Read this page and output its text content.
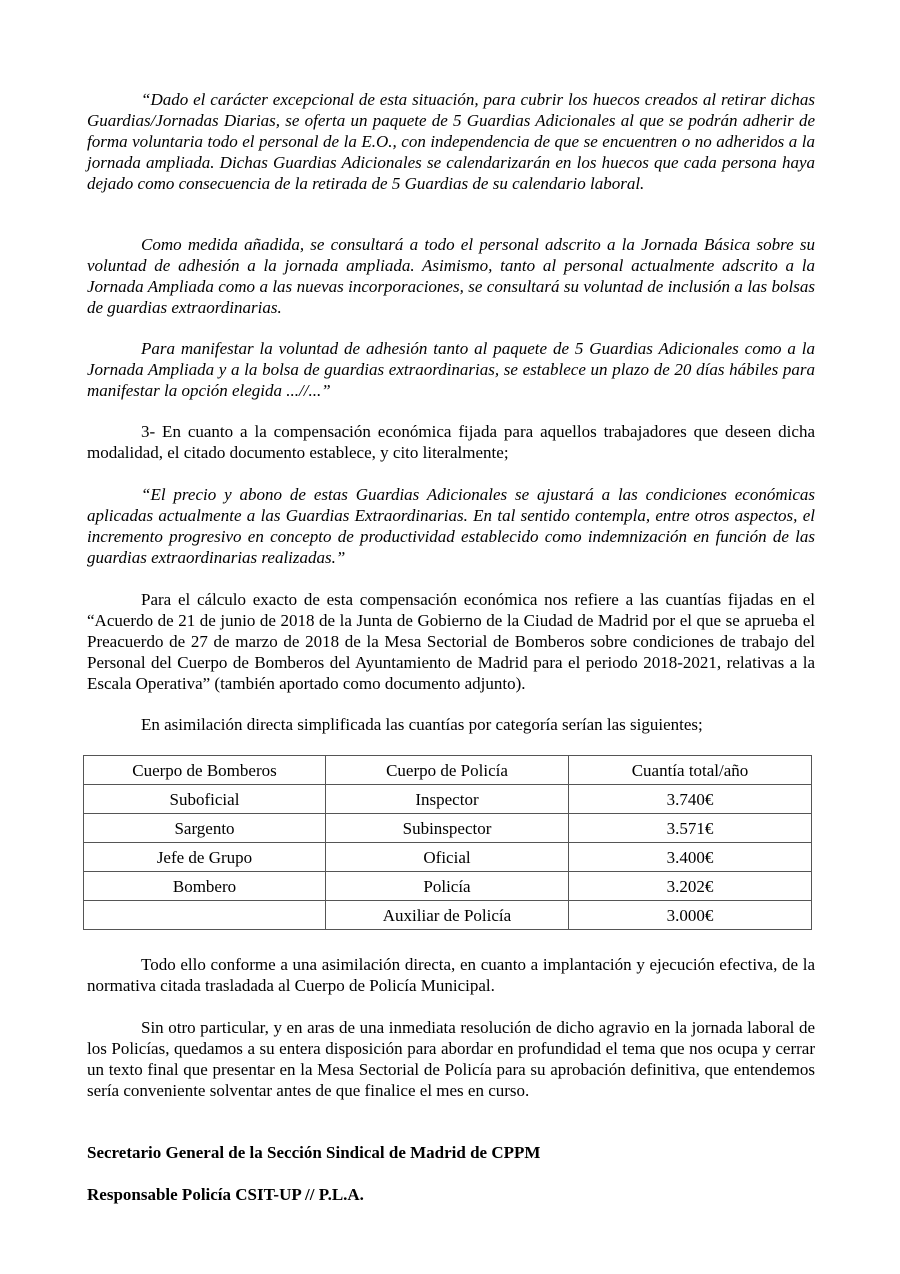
“Dado el carácter excepcional de esta situación, para cubrir los huecos creados al retirar dichas Guardias/Jornadas Diarias, se oferta un paquete de 5 Guardias Adicionales al que se podrán adherir de forma voluntaria todo el personal de la E.O., con independencia de que se encuentren o no adheridos a la jornada ampliada. Dichas Guardias Adicionales se calendarizarán en los huecos que cada persona haya dejado como consecuencia de la retirada de 5 Guardias de su calendario laboral.

Como medida añadida, se consultará a todo el personal adscrito a la Jornada Básica sobre su voluntad de adhesión a la jornada ampliada. Asimismo, tanto al personal actualmente adscrito a la Jornada Ampliada como a las nuevas incorporaciones, se consultará su voluntad de inclusión a las bolsas de guardias extraordinarias.

Para manifestar la voluntad de adhesión tanto al paquete de 5 Guardias Adicionales como a la Jornada Ampliada y a la bolsa de guardias extraordinarias, se establece un plazo de 20 días hábiles para manifestar la opción elegida ...//...”

3- En cuanto a la compensación económica fijada para aquellos trabajadores que deseen dicha modalidad, el citado documento establece, y cito literalmente;

“El precio y abono de estas Guardias Adicionales se ajustará a las condiciones económicas aplicadas actualmente a las Guardias Extraordinarias. En tal sentido contempla, entre otros aspectos, el incremento progresivo en concepto de productividad establecido como indemnización en función de las guardias extraordinarias realizadas.”

Para el cálculo exacto de esta compensación económica nos refiere a las cuantías fijadas en el “Acuerdo de 21 de junio de 2018 de la Junta de Gobierno de la Ciudad de Madrid por el que se aprueba el Preacuerdo de 27 de marzo de 2018 de la Mesa Sectorial de Bomberos sobre condiciones de trabajo del Personal del Cuerpo de Bomberos del Ayuntamiento de Madrid para el periodo 2018-2021, relativas a la Escala Operativa” (también aportado como documento adjunto).

En asimilación directa simplificada las cuantías por categoría serían las siguientes;

Cuerpo de Bomberos	Cuerpo de Policía	Cuantía total/año
Suboficial	Inspector	3.740€
Sargento	Subinspector	3.571€
Jefe de Grupo	Oficial	3.400€
Bombero	Policía	3.202€
	Auxiliar de Policía	3.000€

Todo ello conforme a una asimilación directa, en cuanto a implantación y ejecución efectiva, de la normativa citada trasladada al Cuerpo de Policía Municipal.

Sin otro particular, y en aras de una inmediata resolución de dicho agravio en la jornada laboral de los Policías, quedamos a su entera disposición para abordar en profundidad el tema que nos ocupa y cerrar un texto final que presentar en la Mesa Sectorial de Policía para su aprobación definitiva, que entendemos sería conveniente solventar antes de que finalice el mes en curso.

Secretario General de la Sección Sindical de Madrid de CPPM

Responsable Policía CSIT-UP // P.L.A.
